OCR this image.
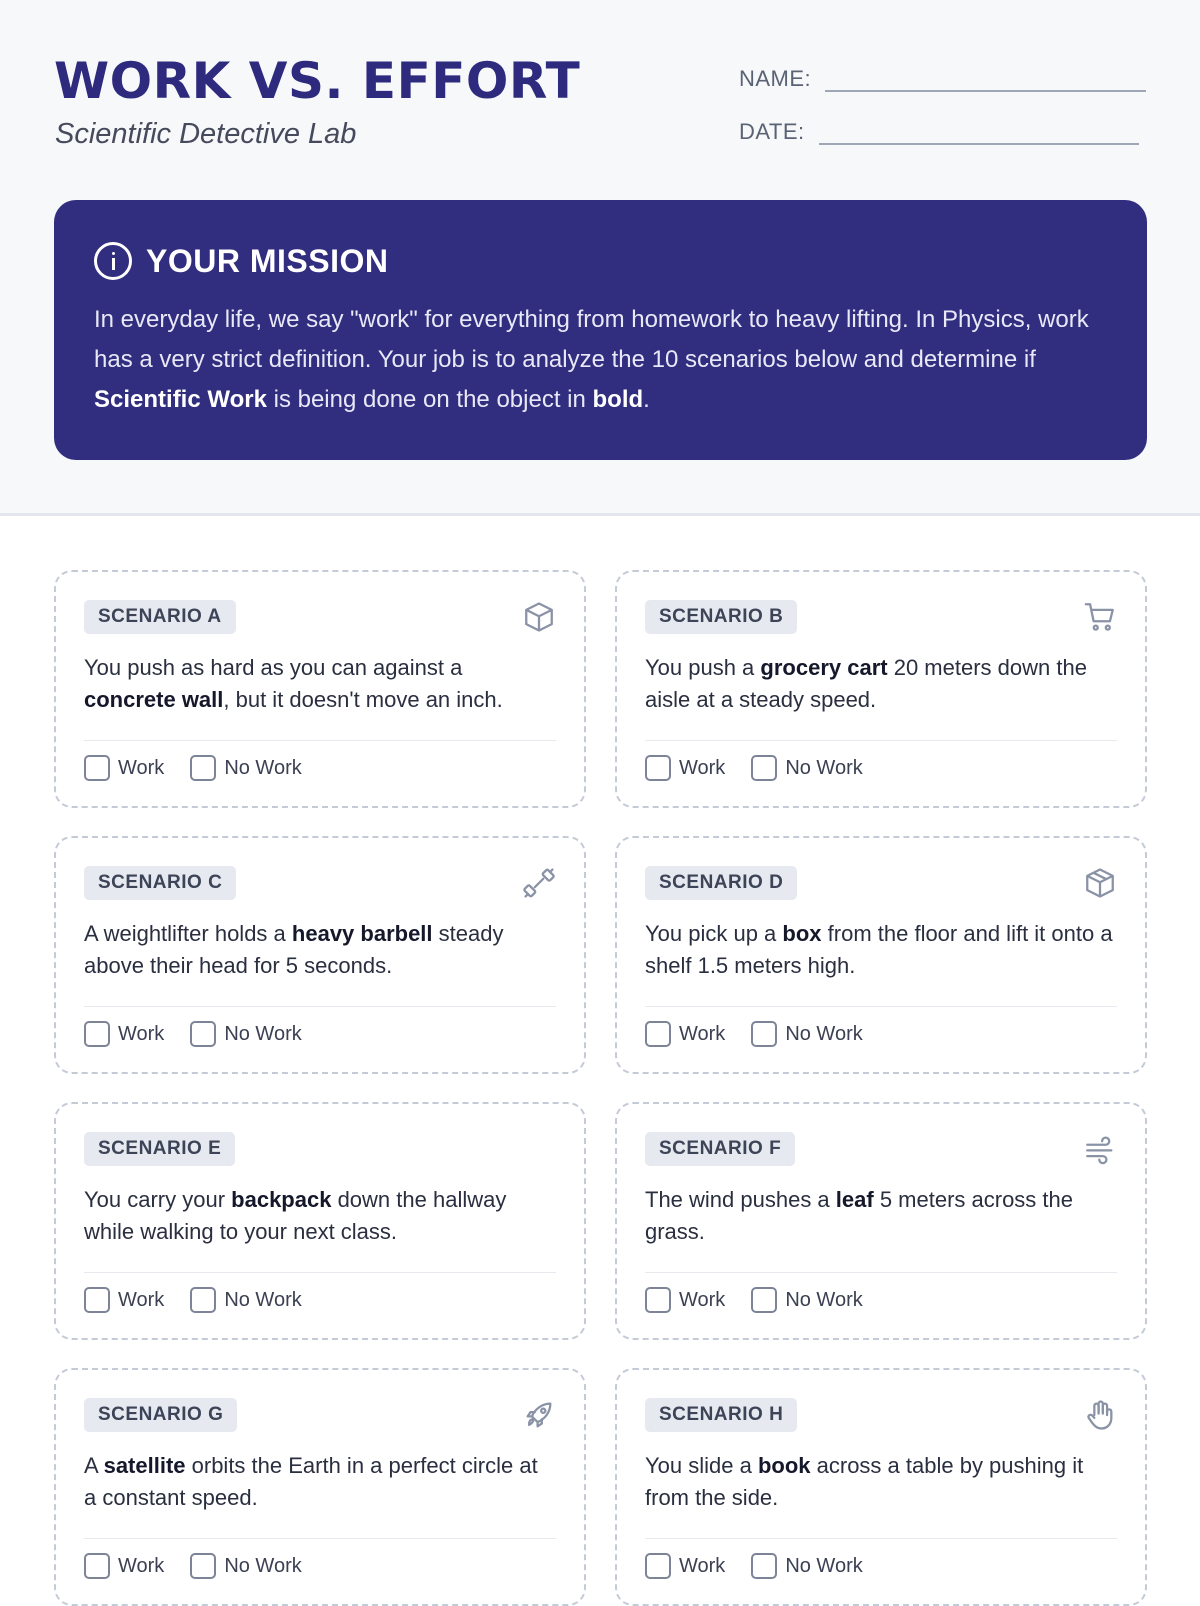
WORK VS. EFFORT
Scientific Detective Lab
NAME:
DATE:
YOUR MISSION
In everyday life, we say "work" for everything from homework to heavy lifting. In Physics, work has a very strict definition. Your job is to analyze the 10 scenarios below and determine if Scientific Work is being done on the object in bold.
SCENARIO A
You push as hard as you can against a concrete wall, but it doesn't move an inch.
Work	No Work
SCENARIO B
You push a grocery cart 20 meters down the aisle at a steady speed.
Work	No Work
SCENARIO C
A weightlifter holds a heavy barbell steady above their head for 5 seconds.
Work	No Work
SCENARIO D
You pick up a box from the floor and lift it onto a shelf 1.5 meters high.
Work	No Work
SCENARIO E
You carry your backpack down the hallway while walking to your next class.
Work	No Work
SCENARIO F
The wind pushes a leaf 5 meters across the grass.
Work	No Work
SCENARIO G
A satellite orbits the Earth in a perfect circle at a constant speed.
Work	No Work
SCENARIO H
You slide a book across a table by pushing it from the side.
Work	No Work
